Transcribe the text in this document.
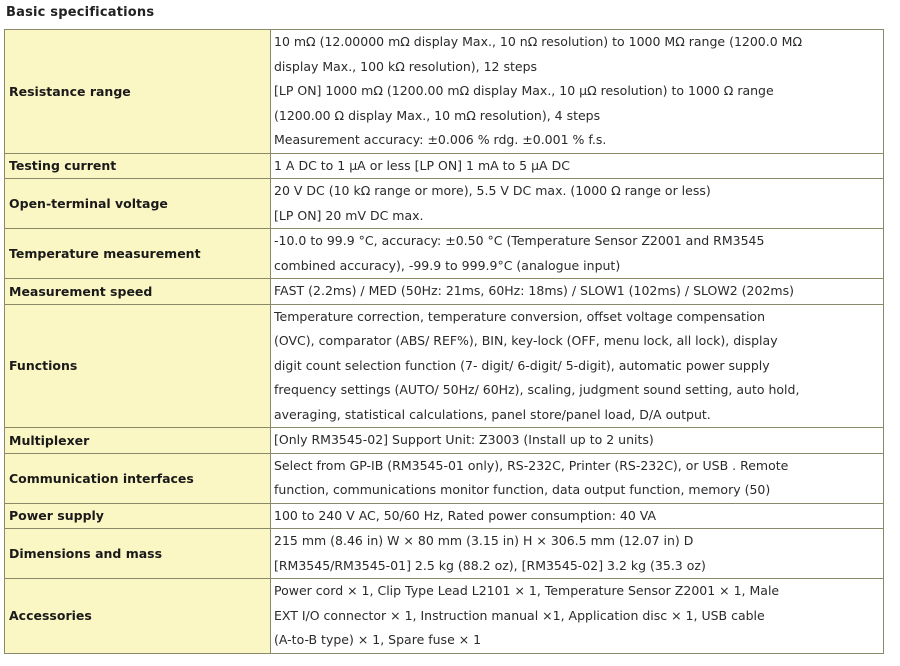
Basic specifications
Resistance range	10 mΩ (12.00000 mΩ display Max., 10 nΩ resolution) to 1000 MΩ range (1200.0 MΩ
display Max., 100 kΩ resolution), 12 steps
[LP ON] 1000 mΩ (1200.00 mΩ display Max., 10 μΩ resolution) to 1000 Ω range
(1200.00 Ω display Max., 10 mΩ resolution), 4 steps
Measurement accuracy: ±0.006 % rdg. ±0.001 % f.s.

Testing current	1 A DC to 1 μA or less [LP ON] 1 mA to 5 μA DC

Open-terminal voltage	20 V DC (10 kΩ range or more), 5.5 V DC max. (1000 Ω range or less)
[LP ON] 20 mV DC max.

Temperature measurement	-10.0 to 99.9 °C, accuracy: ±0.50 °C (Temperature Sensor Z2001 and RM3545
combined accuracy), -99.9 to 999.9°C (analogue input)

Measurement speed	FAST (2.2ms) / MED (50Hz: 21ms, 60Hz: 18ms) / SLOW1 (102ms) / SLOW2 (202ms)

Functions	Temperature correction, temperature conversion, offset voltage compensation
(OVC), comparator (ABS/ REF%), BIN, key-lock (OFF, menu lock, all lock), display
digit count selection function (7- digit/ 6-digit/ 5-digit), automatic power supply
frequency settings (AUTO/ 50Hz/ 60Hz), scaling, judgment sound setting, auto hold,
averaging, statistical calculations, panel store/panel load, D/A output.

Multiplexer	[Only RM3545-02] Support Unit: Z3003 (Install up to 2 units)

Communication interfaces	Select from GP-IB (RM3545-01 only), RS-232C, Printer (RS-232C), or USB . Remote
function, communications monitor function, data output function, memory (50)

Power supply	100 to 240 V AC, 50/60 Hz, Rated power consumption: 40 VA

Dimensions and mass	215 mm (8.46 in) W × 80 mm (3.15 in) H × 306.5 mm (12.07 in) D
[RM3545/RM3545-01] 2.5 kg (88.2 oz), [RM3545-02] 3.2 kg (35.3 oz)

Accessories	Power cord × 1, Clip Type Lead L2101 × 1, Temperature Sensor Z2001 × 1, Male
EXT I/O connector × 1, Instruction manual ×1, Application disc × 1, USB cable
(A-to-B type) × 1, Spare fuse × 1
